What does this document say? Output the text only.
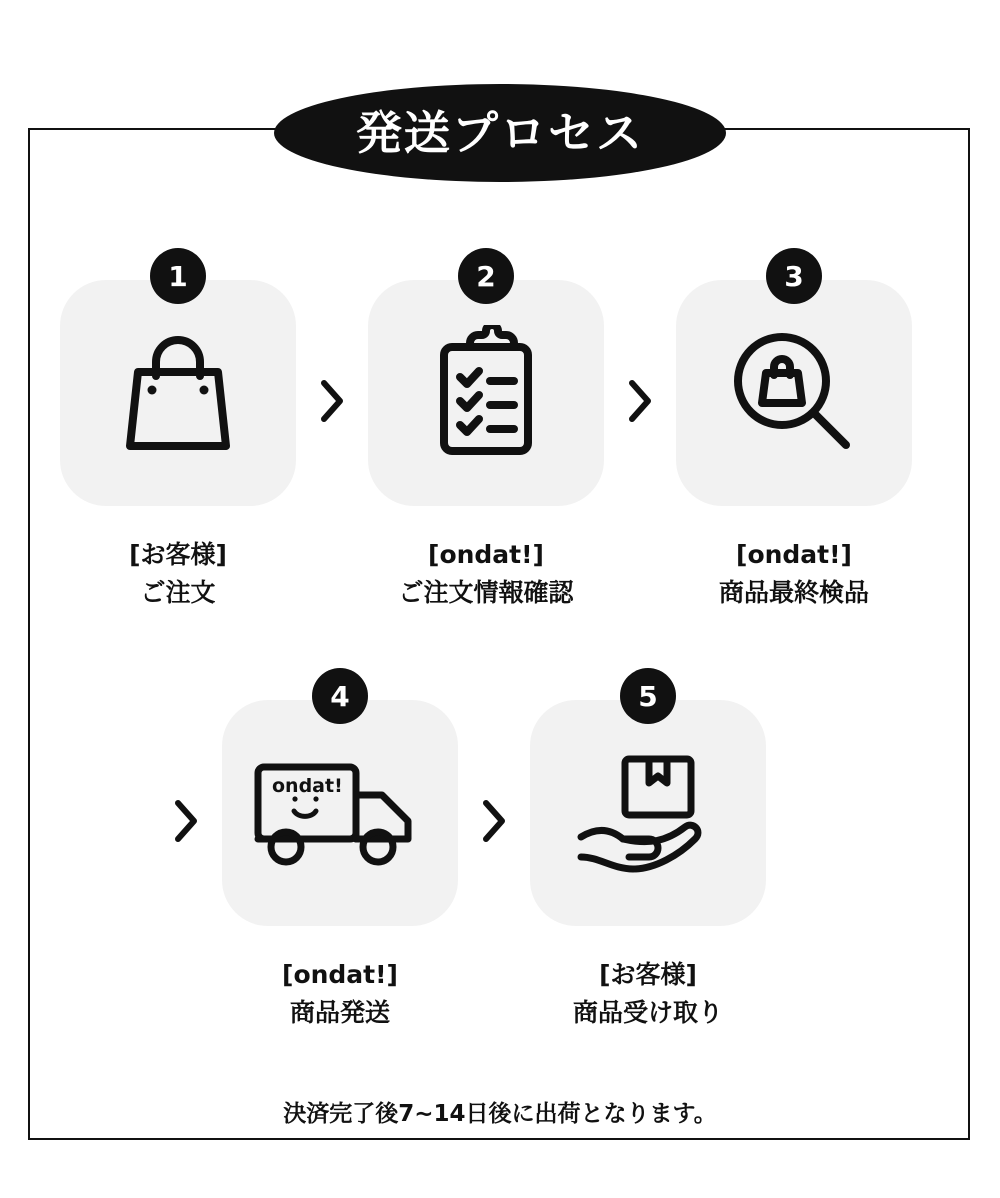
発送プロセス
1
[お客様]
ご注文
2
[ondat!]
ご注文情報確認
3
[ondat!]
商品最終検品
4
ondat!
[ondat!]
商品発送
5
[お客様]
商品受け取り
決済完了後7~14日後に出荷となります。
